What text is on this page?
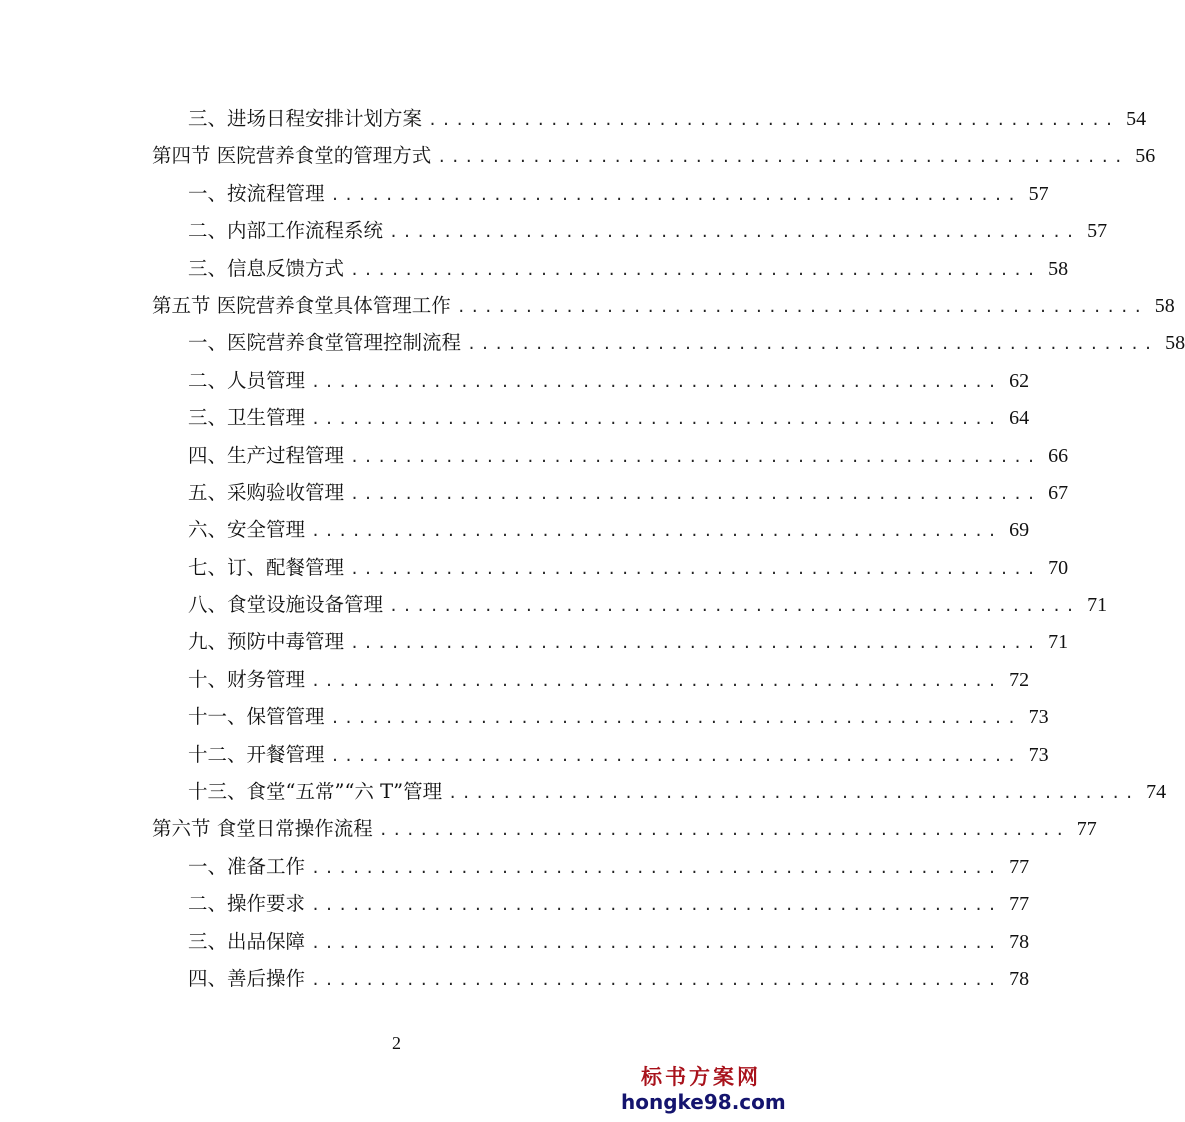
三、进场日程安排计划方案 ................................................... 54
第四节 医院营养食堂的管理方式 ................................................... 56
一、按流程管理 ................................................... 57
二、内部工作流程系统 ................................................... 57
三、信息反馈方式 ................................................... 58
第五节 医院营养食堂具体管理工作 ................................................... 58
一、医院营养食堂管理控制流程 ................................................... 58
二、人员管理 ................................................... 62
三、卫生管理 ................................................... 64
四、生产过程管理 ................................................... 66
五、采购验收管理 ................................................... 67
六、安全管理 ................................................... 69
七、订、配餐管理 ................................................... 70
八、食堂设施设备管理 ................................................... 71
九、预防中毒管理 ................................................... 71
十、财务管理 ................................................... 72
十一、保管管理 ................................................... 73
十二、开餐管理 ................................................... 73
十三、食堂“五常”“六 T”管理 ................................................... 74
第六节 食堂日常操作流程 ................................................... 77
一、准备工作 ................................................... 77
二、操作要求 ................................................... 77
三、出品保障 ................................................... 78
四、善后操作 ................................................... 78
2
标书方案网
hongke98.com
